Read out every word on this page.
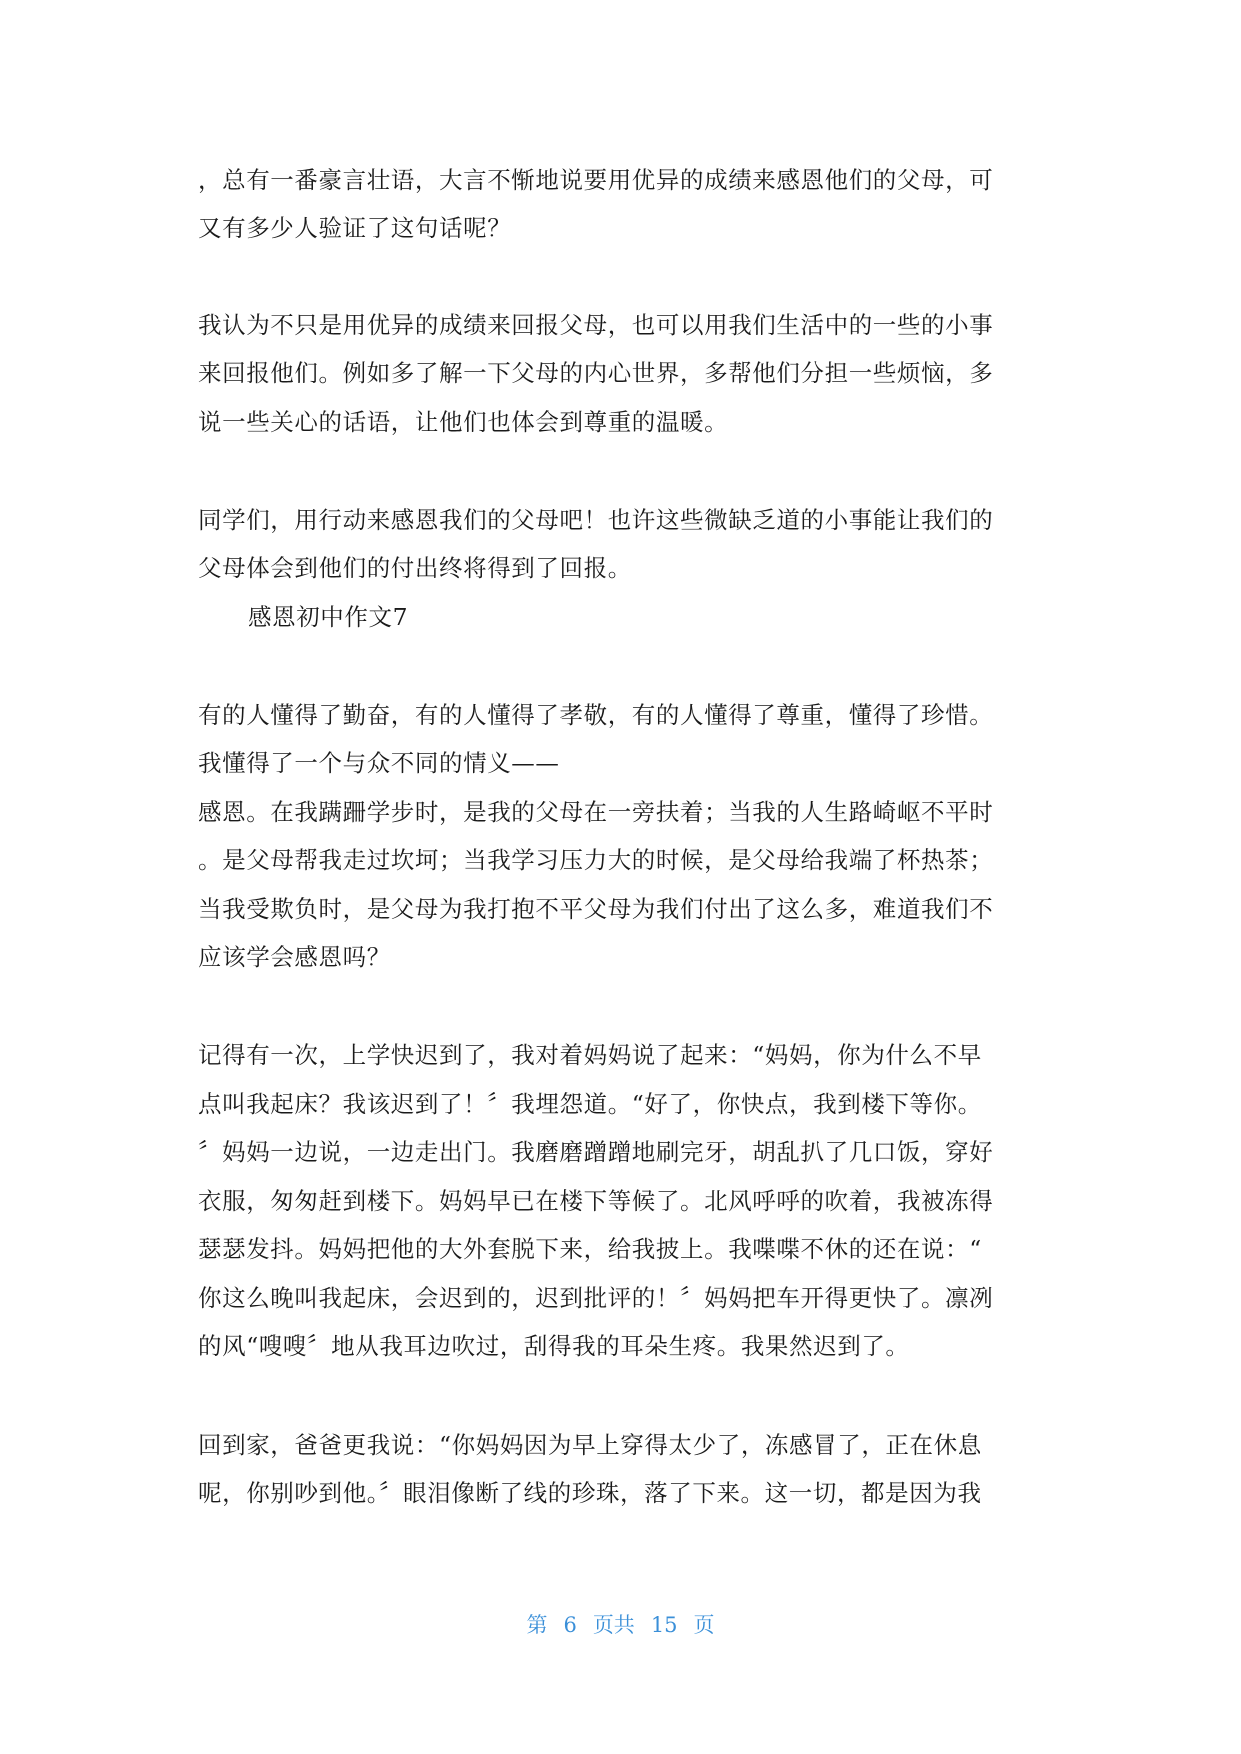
，总有一番豪言壮语，大言不惭地说要用优异的成绩来感恩他们的父母，可
又有多少人验证了这句话呢？
我认为不只是用优异的成绩来回报父母，也可以用我们生活中的一些的小事
来回报他们。例如多了解一下父母的内心世界，多帮他们分担一些烦恼，多
说一些关心的话语，让他们也体会到尊重的温暖。
同学们，用行动来感恩我们的父母吧！也许这些微缺乏道的小事能让我们的
父母体会到他们的付出终将得到了回报。
感恩初中作文7
有的人懂得了勤奋，有的人懂得了孝敬，有的人懂得了尊重，懂得了珍惜。
我懂得了一个与众不同的情义——
感恩。在我蹒跚学步时，是我的父母在一旁扶着；当我的人生路崎岖不平时
。是父母帮我走过坎坷；当我学习压力大的时候，是父母给我端了杯热茶；
当我受欺负时，是父母为我打抱不平父母为我们付出了这么多，难道我们不
应该学会感恩吗？
记得有一次，上学快迟到了，我对着妈妈说了起来：“妈妈，你为什么不早
点叫我起床？我该迟到了！〞我埋怨道。“好了，你快点，我到楼下等你。
〞妈妈一边说，一边走出门。我磨磨蹭蹭地刷完牙，胡乱扒了几口饭，穿好
衣服，匆匆赶到楼下。妈妈早已在楼下等候了。北风呼呼的吹着，我被冻得
瑟瑟发抖。妈妈把他的大外套脱下来，给我披上。我喋喋不休的还在说：“
你这么晚叫我起床，会迟到的，迟到批评的！〞妈妈把车开得更快了。凛冽
的风“嗖嗖〞地从我耳边吹过，刮得我的耳朵生疼。我果然迟到了。
回到家，爸爸更我说：“你妈妈因为早上穿得太少了，冻感冒了，正在休息
呢，你别吵到他。〞眼泪像断了线的珍珠，落了下来。这一切，都是因为我
第 6 页共 15 页
